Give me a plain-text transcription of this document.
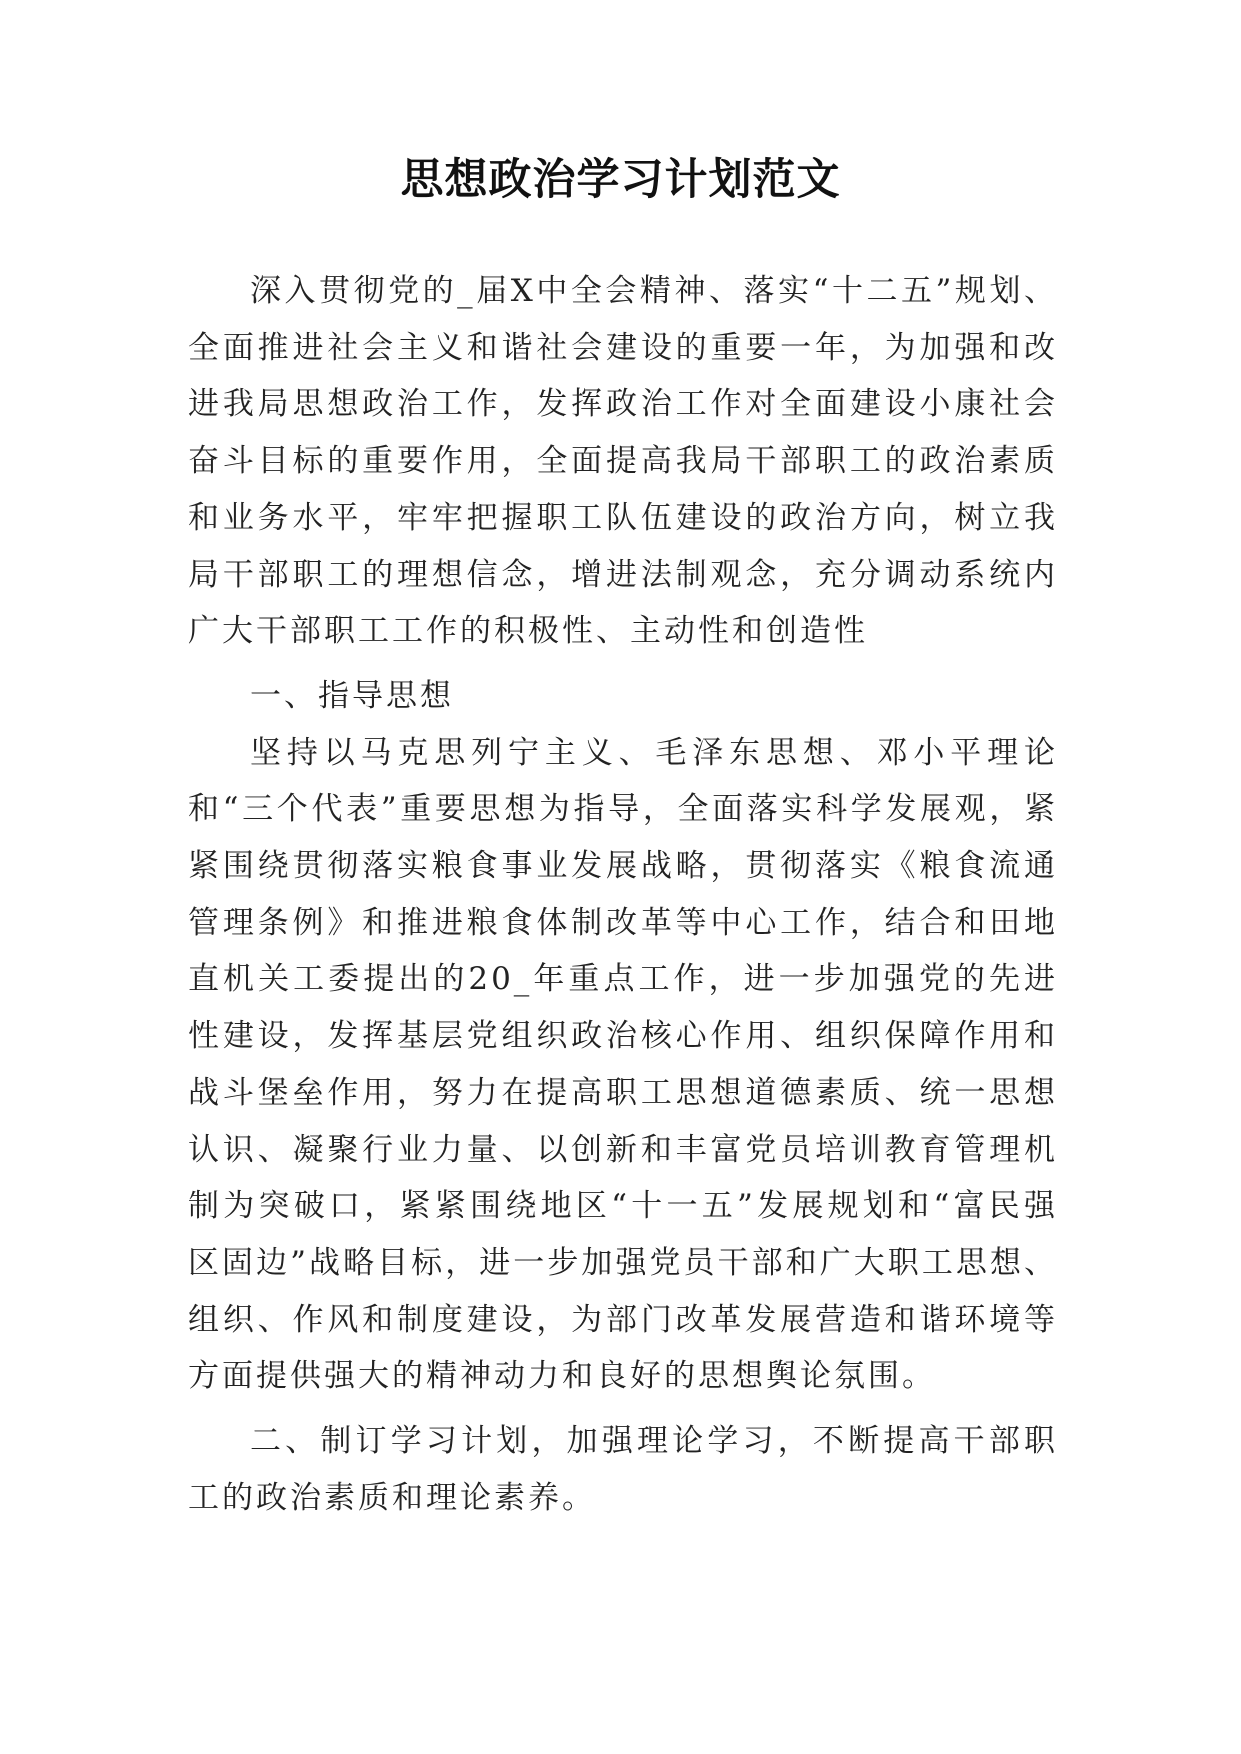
思想政治学习计划范文

深入贯彻党的_届X中全会精神、落实“十二五”规划、全面推进社会主义和谐社会建设的重要一年，为加强和改进我局思想政治工作，发挥政治工作对全面建设小康社会奋斗目标的重要作用，全面提高我局干部职工的政治素质和业务水平，牢牢把握职工队伍建设的政治方向，树立我局干部职工的理想信念，增进法制观念，充分调动系统内广大干部职工工作的积极性、主动性和创造性

一、指导思想

坚持以马克思列宁主义、毛泽东思想、邓小平理论和“三个代表”重要思想为指导，全面落实科学发展观，紧紧围绕贯彻落实粮食事业发展战略，贯彻落实《粮食流通管理条例》和推进粮食体制改革等中心工作，结合和田地直机关工委提出的20_年重点工作，进一步加强党的先进性建设，发挥基层党组织政治核心作用、组织保障作用和战斗堡垒作用，努力在提高职工思想道德素质、统一思想认识、凝聚行业力量、以创新和丰富党员培训教育管理机制为突破口，紧紧围绕地区“十一五”发展规划和“富民强区固边”战略目标，进一步加强党员干部和广大职工思想、组织、作风和制度建设，为部门改革发展营造和谐环境等方面提供强大的精神动力和良好的思想舆论氛围。

二、制订学习计划，加强理论学习，不断提高干部职工的政治素质和理论素养。
